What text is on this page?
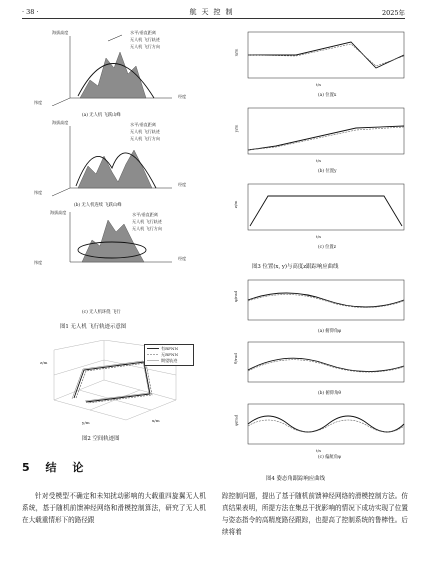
· 38 ·	航天控制	2025年
海拔高度	水平/垂直距离
无人机 飞行轨迹
无人机 飞行方向
纬度
经度
(a) 无人机 飞跃山峰
海拔高度	水平/垂直距离
无人机 飞行轨迹
无人机 飞行方向
纬度
经度
(b) 无人机连续 飞跃山峰
海拔高度	水平/垂直距离
无人机 飞行轨迹
无人机 飞行方向
纬度
经度
(c) 无人机环绕 飞行
图1 无人机 飞行轨迹示意图
有RFNN
无RFNN
期望轨迹
z/m
x/m
y/m
图2 空间轨迹图
x/m
t/s
(a) 位置x
y/m
t/s
(b) 位置y
z/m
t/s
(c) 位置z
图3 位置(x, y)与高度z跟踪响应曲线
φ/rad
(a) 俯仰角φ
θ/rad
(b) 俯仰角θ
ψ/rad
t/s
(c) 偏航角ψ
图4 姿态角跟踪响应曲线
5 结 论
针对受模型不确定和未知扰动影响的大载重四旋翼无人机系统，基于随机前馈神经网络和滑模控制算法，研究了无人机在大载重情形下的路径跟
踪控制问题，提出了基于随机前馈神经网络的滑模控制方法。仿真结果表明，所提方法在集总干扰影响的情况下成功实现了位置与姿态指令的高精度路径跟踪，也提高了控制系统的鲁棒性。后续将着
